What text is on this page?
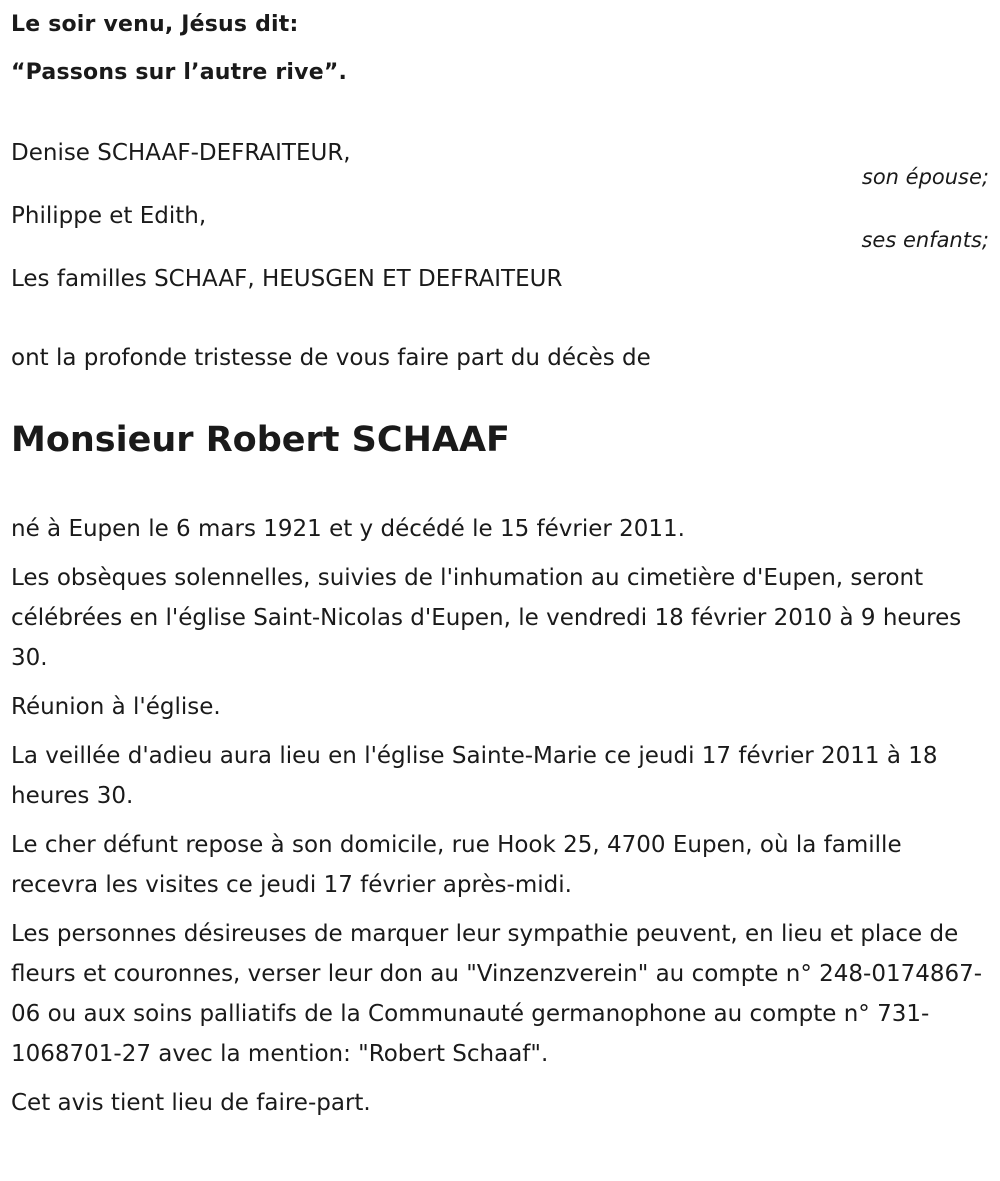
Le soir venu, Jésus dit:
“Passons sur l’autre rive”.
Denise SCHAAF-DEFRAITEUR,
son épouse;
Philippe et Edith,
ses enfants;
Les familles SCHAAF, HEUSGEN ET DEFRAITEUR
ont la profonde tristesse de vous faire part du décès de
Monsieur Robert SCHAAF

né à Eupen le 6 mars 1921 et y décédé le 15 février 2011.

Les obsèques solennelles, suivies de l'inhumation au cimetière d'Eupen, seront célébrées en l'église Saint-Nicolas d'Eupen, le vendredi 18 février 2010 à 9 heures 30.

Réunion à l'église.

La veillée d'adieu aura lieu en l'église Sainte-Marie ce jeudi 17 février 2011 à 18 heures 30.

Le cher défunt repose à son domicile, rue Hook 25, 4700 Eupen, où la famille recevra les visites ce jeudi 17 février après-midi.

Les personnes désireuses de marquer leur sympathie peuvent, en lieu et place de fleurs et couronnes, verser leur don au "Vinzenzverein" au compte n° 248-0174867-06 ou aux soins palliatifs de la Communauté germanophone au compte n° 731-1068701-27 avec la mention: "Robert Schaaf".

Cet avis tient lieu de faire-part.
